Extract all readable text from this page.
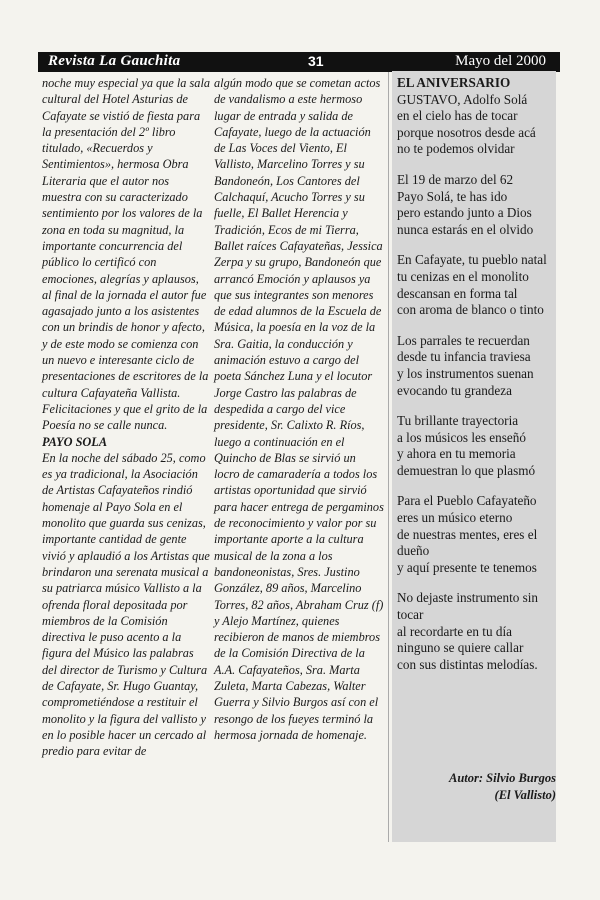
Revista La Gauchita	31	Mayo del 2000

noche muy especial ya que la sala cultural del Hotel Asturias de Cafayate se vistió de fiesta para la presentación del 2º libro titulado, «Recuerdos y Sentimientos», hermosa Obra Literaria que el autor nos muestra con su caracterizado sentimiento por los valores de la zona en toda su magnitud, la importante concurrencia del público lo certificó con emociones, alegrías y aplausos, al final de la jornada el autor fue agasajado junto a los asistentes con un brindis de honor y afecto, y de este modo se comienza con un nuevo e interesante ciclo de presentaciones de escritores de la cultura Cafayateña Vallista. Felicitaciones y que el grito de la Poesía no se calle nunca.

PAYO SOLA

En la noche del sábado 25, como es ya tradicional, la Asociación de Artistas Cafayateños rindió homenaje al Payo Sola en el monolito que guarda sus cenizas, importante cantidad de gente vivió y aplaudió a los Artistas que brindaron una serenata musical a su patriarca músico Vallisto a la ofrenda floral depositada por miembros de la Comisión directiva le puso acento a la figura del Músico las palabras del director de Turismo y Cultura de Cafayate, Sr. Hugo Guantay, comprometiéndose a restituir el monolito y la figura del vallisto y en lo posible hacer un cercado al predio para evitar de

algún modo que se cometan actos de vandalismo a este hermoso lugar de entrada y salida de Cafayate, luego de la actuación de Las Voces del Viento, El Vallisto, Marcelino Torres y su Bandoneón, Los Cantores del Calchaquí, Acucho Torres y su fuelle, El Ballet Herencia y Tradición, Ecos de mi Tierra, Ballet raíces Cafayateñas, Jessica Zerpa y su grupo, Bandoneón que arrancó Emoción y aplausos ya que sus integrantes son menores de edad alumnos de la Escuela de Música, la poesía en la voz de la Sra. Gaitia, la conducción y animación estuvo a cargo del poeta Sánchez Luna y el locutor Jorge Castro las palabras de despedida a cargo del vice presidente, Sr. Calixto R. Ríos, luego a continuación en el Quincho de Blas se sirvió un locro de camaradería a todos los artistas oportunidad que sirvió para hacer entrega de pergaminos de reconocimiento y valor por su importante aporte a la cultura musical de la zona a los bandoneonistas, Sres. Justino González, 89 años, Marcelino Torres, 82 años, Abraham Cruz (f) y Alejo Martínez, quienes recibieron de manos de miembros de la Comisión Directiva de la A.A. Cafayateños, Sra. Marta Zuleta, Marta Cabezas, Walter Guerra y Silvio Burgos así con el resongo de los fueyes terminó la hermosa jornada de homenaje.

EL ANIVERSARIO

GUSTAVO, Adolfo Solá
en el cielo has de tocar
porque nosotros desde acá
no te podemos olvidar
El 19 de marzo del 62
Payo Solá, te has ido
pero estando junto a Dios
nunca estarás en el olvido
En Cafayate, tu pueblo natal
tu cenizas en el monolito
descansan en forma tal
con aroma de blanco o tinto
Los parrales te recuerdan
desde tu infancia traviesa
y los instrumentos suenan
evocando tu grandeza
Tu brillante trayectoria
a los músicos les enseñó
y ahora en tu memoria
demuestran lo que plasmó
Para el Pueblo Cafayateño
eres un músico eterno
de nuestras mentes, eres el dueño
y aquí presente te tenemos
No dejaste instrumento sin tocar
al recordarte en tu día
ninguno se quiere callar
con sus distintas melodías.
Autor: Silvio Burgos
(El Vallisto)
